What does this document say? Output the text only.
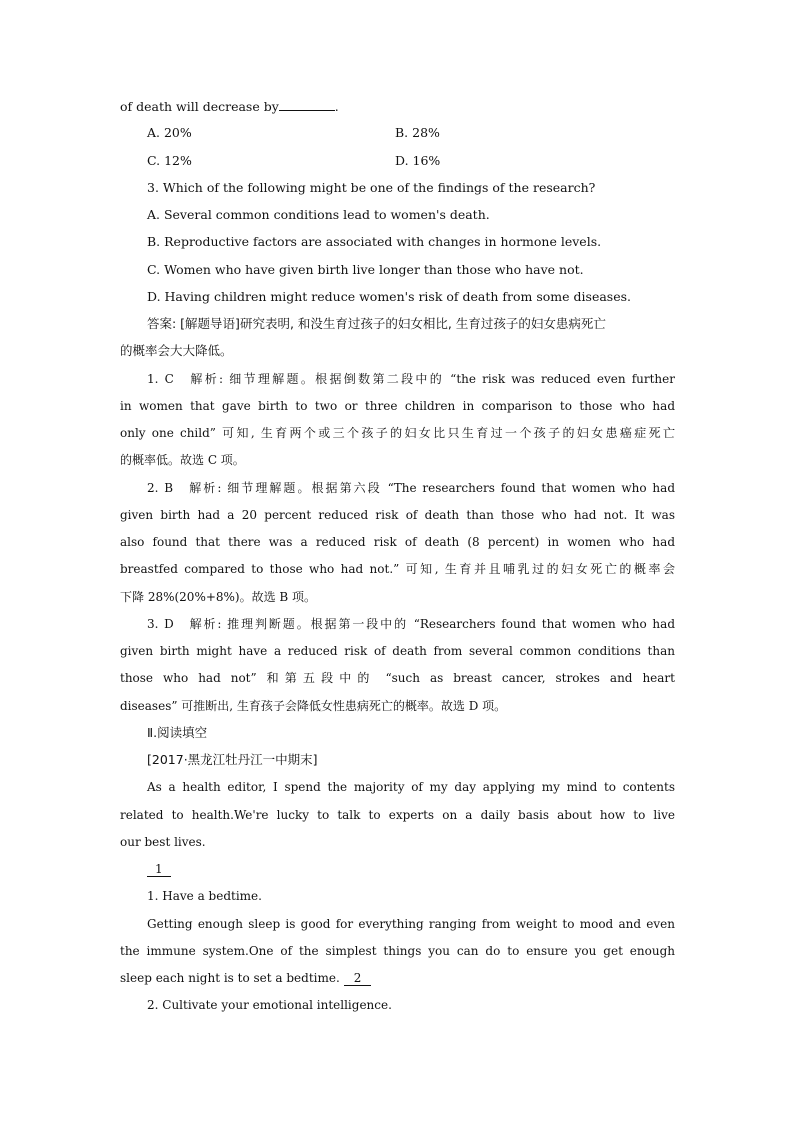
of death will decrease by	.
A. 20%	B. 28%
C. 12%	D. 16%
3. Which of the following might be one of the findings of the research?
A. Several common conditions lead to women's death.
B. Reproductive factors are associated with changes in hormone levels.
C. Women who have given birth live longer than those who have not.
D. Having children might reduce women's risk of death from some diseases.
答案: [解题导语]研究表明, 和没生育过孩子的妇女相比, 生育过孩子的妇女患病死亡
的概率会大大降低。
1. C　解析: 细节理解题。根据倒数第二段中的 “the risk was reduced even further
in women that gave birth to two or three children in comparison to those who had
only one child” 可知, 生育两个或三个孩子的妇女比只生育过一个孩子的妇女患癌症死亡
的概率低。故选 C 项。
2. B　解析: 细节理解题。根据第六段 “The researchers found that women who had
given birth had a 20 percent reduced risk of death than those who had not. It was
also found that there was a reduced risk of death (8 percent) in women who had
breastfed compared to those who had not.” 可知, 生育并且哺乳过的妇女死亡的概率会
下降 28%(20%+8%)。故选 B 项。
3. D　解析: 推理判断题。根据第一段中的 “Researchers found that women who had
given birth might have a reduced risk of death from several common conditions than
those who had not” 和第五段中的 “such as breast cancer, strokes and heart
diseases” 可推断出, 生育孩子会降低女性患病死亡的概率。故选 D 项。
Ⅱ.阅读填空
[2017·黑龙江牡丹江一中期末]
As a health editor, I spend the majority of my day applying my mind to contents
related to health.We're lucky to talk to experts on a daily basis about how to live
our best lives.
1
1. Have a bedtime.
Getting enough sleep is good for everything ranging from weight to mood and even
the immune system.One of the simplest things you can do to ensure you get enough
sleep each night is to set a bedtime. 2
2. Cultivate your emotional intelligence.
